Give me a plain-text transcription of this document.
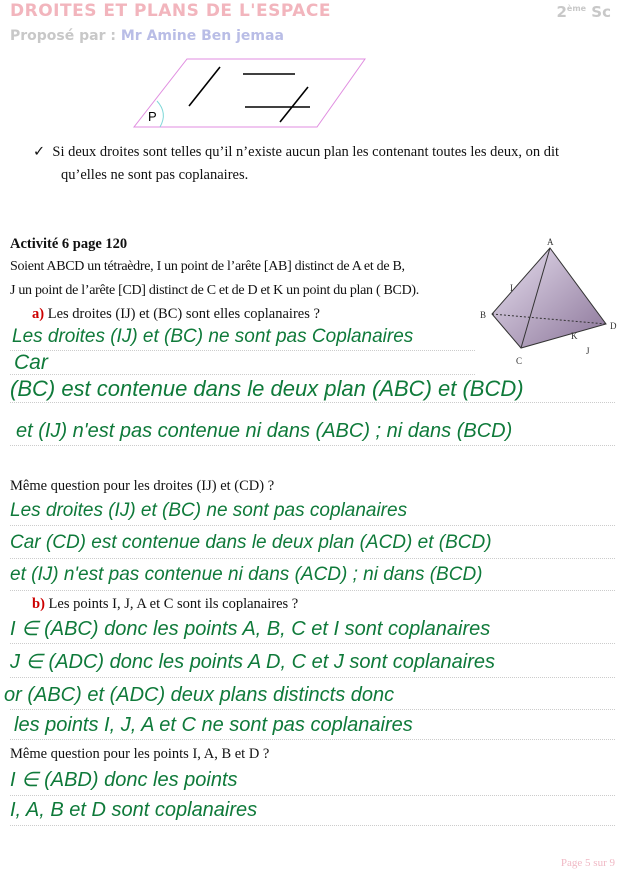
DROITES ET PLANS DE L'ESPACE	2ème Sc
Proposé par : Mr Amine Ben jemaa
P
✓ Si deux droites sont telles qu’il n’existe aucun plan les contenant toutes les deux, on dit
qu’elles ne sont pas coplanaires.
Activité 6 page 120
Soient ABCD un tétraèdre, I un point de l’arête [AB] distinct de A et de B,
J un point de l’arête [CD] distinct de C et de D et K un point du plan ( BCD).
a) Les droites (IJ) et (BC) sont elles coplanaires ?
A
B
C
D
I
J
K
Les droites (IJ) et (BC) ne sont pas Coplanaires
Car
(BC) est contenue dans le deux plan (ABC) et (BCD)
et (IJ) n'est pas contenue ni dans (ABC) ; ni dans (BCD)
Même question pour les droites (IJ) et (CD) ?
Les droites (IJ) et (BC) ne sont pas coplanaires
Car (CD) est contenue dans le deux plan (ACD) et (BCD)
et (IJ) n'est pas contenue ni dans (ACD) ; ni dans (BCD)
b) Les points I, J, A et C sont ils coplanaires ?
I ∈ (ABC) donc les points A, B, C et I sont coplanaires
J ∈ (ADC) donc les points A D, C et J sont coplanaires
or (ABC) et (ADC) deux plans distincts donc
les points I, J, A et C ne sont pas coplanaires
Même question pour les points I, A, B et D ?
I ∈ (ABD) donc les points
I, A, B et D sont coplanaires
Page 5 sur 9
